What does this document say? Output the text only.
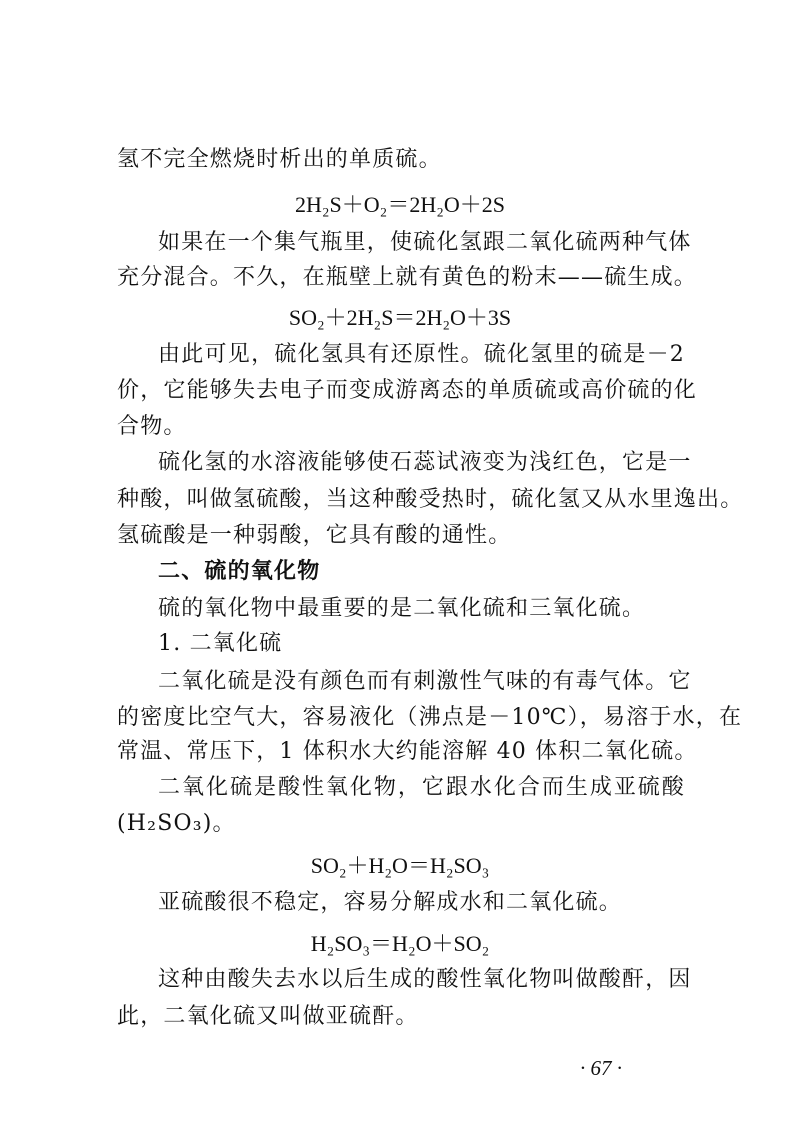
氢不完全燃烧时析出的单质硫。
如果在一个集气瓶里，使硫化氢跟二氧化硫两种气体
充分混合。不久，在瓶壁上就有黄色的粉末——硫生成。
由此可见，硫化氢具有还原性。硫化氢里的硫是－2
价，它能够失去电子而变成游离态的单质硫或高价硫的化
合物。
硫化氢的水溶液能够使石蕊试液变为浅红色，它是一
种酸，叫做氢硫酸，当这种酸受热时，硫化氢又从水里逸出。
氢硫酸是一种弱酸，它具有酸的通性。
二、硫的氧化物
硫的氧化物中最重要的是二氧化硫和三氧化硫。
1. 二氧化硫
二氧化硫是没有颜色而有刺激性气味的有毒气体。它
的密度比空气大，容易液化（沸点是－10℃），易溶于水，在
常温、常压下，1 体积水大约能溶解 40 体积二氧化硫。
二氧化硫是酸性氧化物，它跟水化合而生成亚硫酸
(H₂SO₃)。
亚硫酸很不稳定，容易分解成水和二氧化硫。
这种由酸失去水以后生成的酸性氧化物叫做酸酐，因
此，二氧化硫又叫做亚硫酐。
2H₂S＋O₂＝2H₂O＋2S
SO₂＋2H₂S＝2H₂O＋3S
SO₂＋H₂O＝H₂SO₃
H₂SO₃＝H₂O＋SO₂
· 67 ·
